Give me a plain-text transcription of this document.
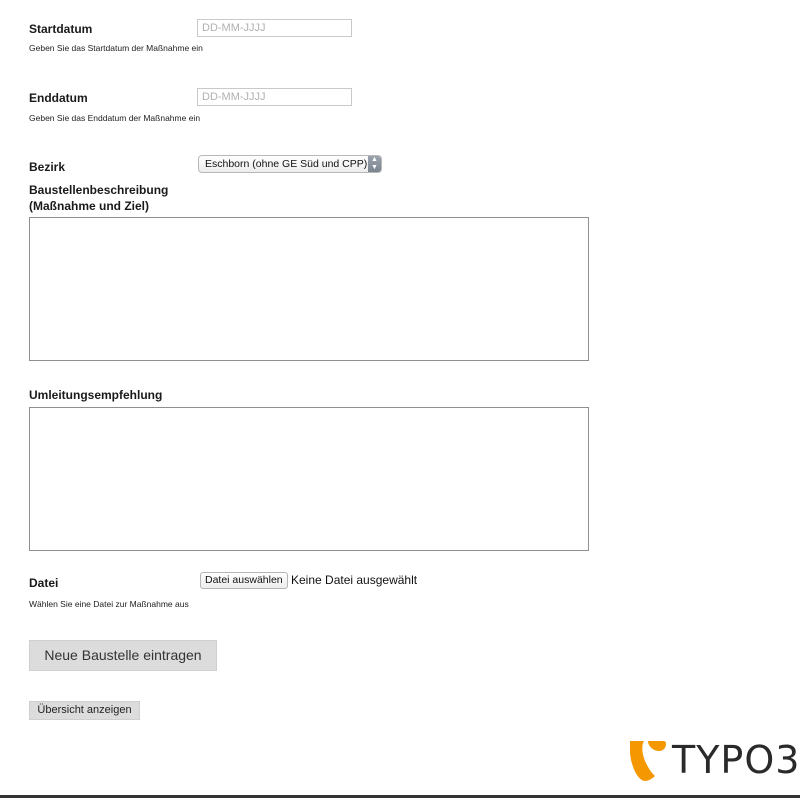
Startdatum
DD-MM-JJJJ
Geben Sie das Startdatum der Maßnahme ein
Enddatum
DD-MM-JJJJ
Geben Sie das Enddatum der Maßnahme ein
Bezirk	Eschborn (ohne GE Süd und CPP) ▲
▼
Baustellenbeschreibung
(Maßnahme und Ziel)
Umleitungsempfehlung
Datei	Datei auswählen Keine Datei ausgewählt
Wählen Sie eine Datei zur Maßnahme aus
Neue Baustelle eintragen
Übersicht anzeigen
TYPO3
